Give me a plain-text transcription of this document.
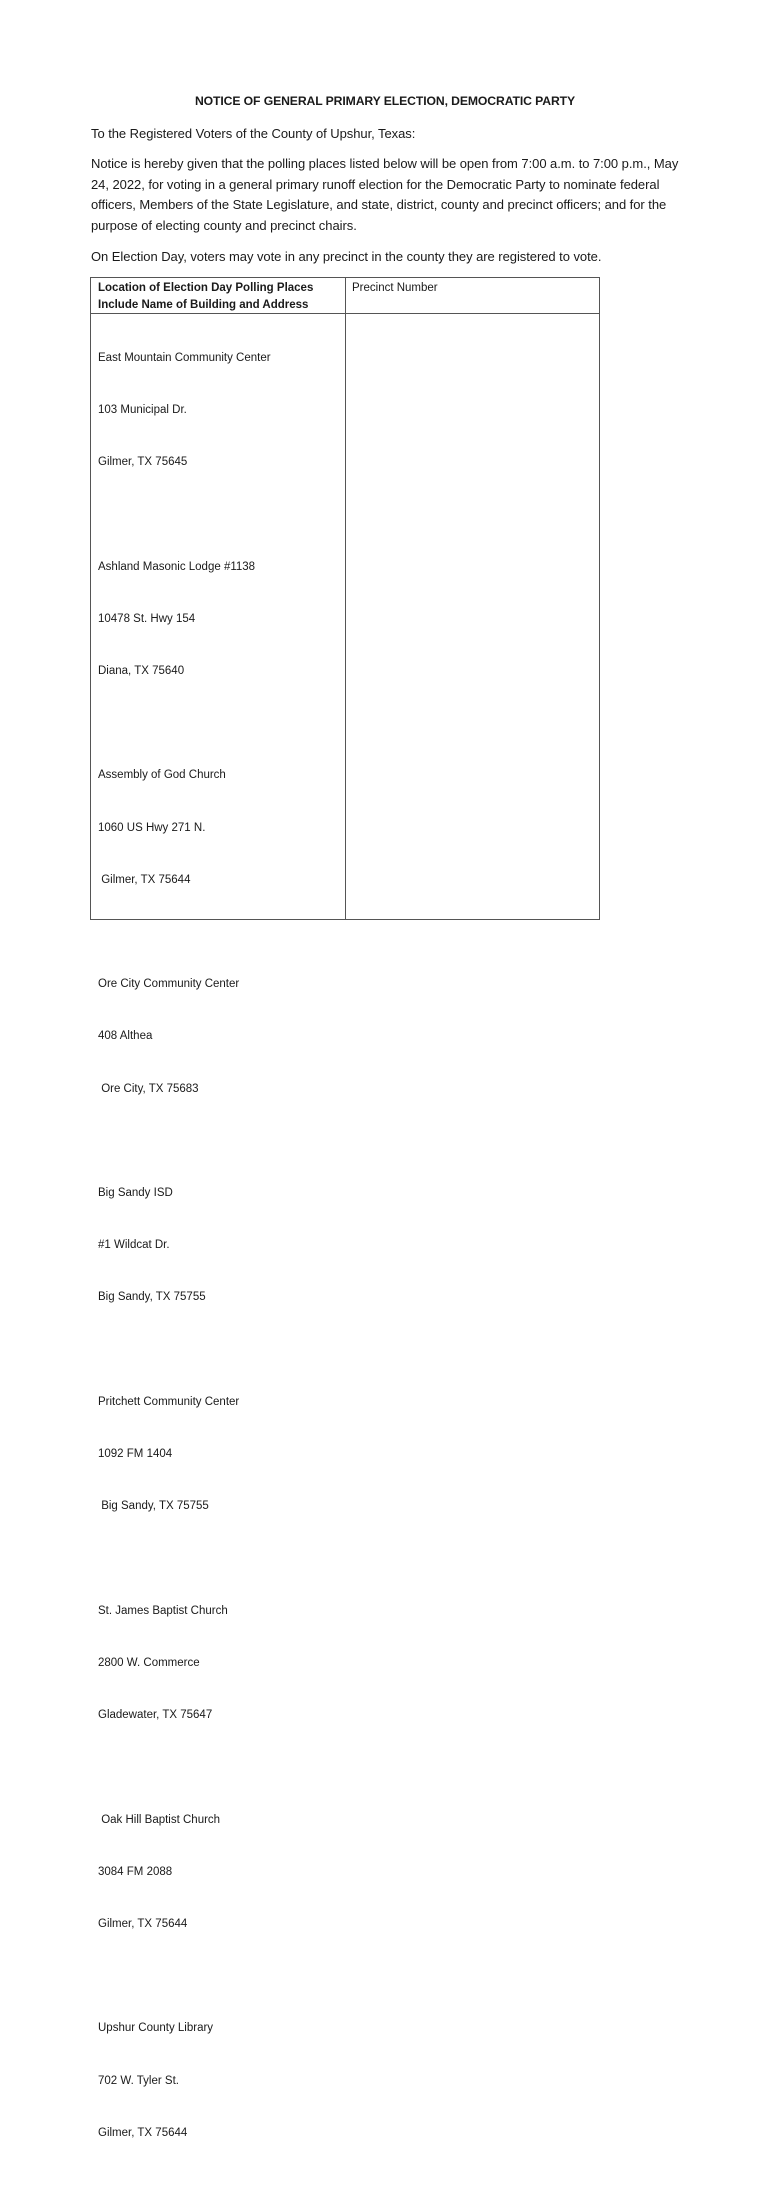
NOTICE OF GENERAL PRIMARY ELECTION, DEMOCRATIC PARTY
To the Registered Voters of the County of Upshur, Texas:
Notice is hereby given that the polling places listed below will be open from 7:00 a.m. to 7:00 p.m., May 24, 2022, for voting in a general primary runoff election for the Democratic Party to nominate federal officers, Members of the State Legislature, and state, district, county and precinct officers; and for the purpose of electing county and precinct chairs.
On Election Day, voters may vote in any precinct in the county they are registered to vote.
Location of Election Day Polling Places
Include Name of Building and Address
Precinct Number

East Mountain Community Center

103 Municipal Dr.

Gilmer, TX 75645

Ashland Masonic Lodge #1138

10478 St. Hwy 154

Diana, TX 75640

Assembly of God Church

1060 US Hwy 271 N.

Gilmer, TX 75644

Ore City Community Center

408 Althea

Ore City, TX 75683

Big Sandy ISD

#1 Wildcat Dr.

Big Sandy, TX 75755

Pritchett Community Center

1092 FM 1404

Big Sandy, TX 75755

St. James Baptist Church

2800 W. Commerce

Gladewater, TX 75647

Oak Hill Baptist Church

3084 FM 2088

Gilmer, TX 75644

Upshur County Library

702 W. Tyler St.

Gilmer, TX 75644
